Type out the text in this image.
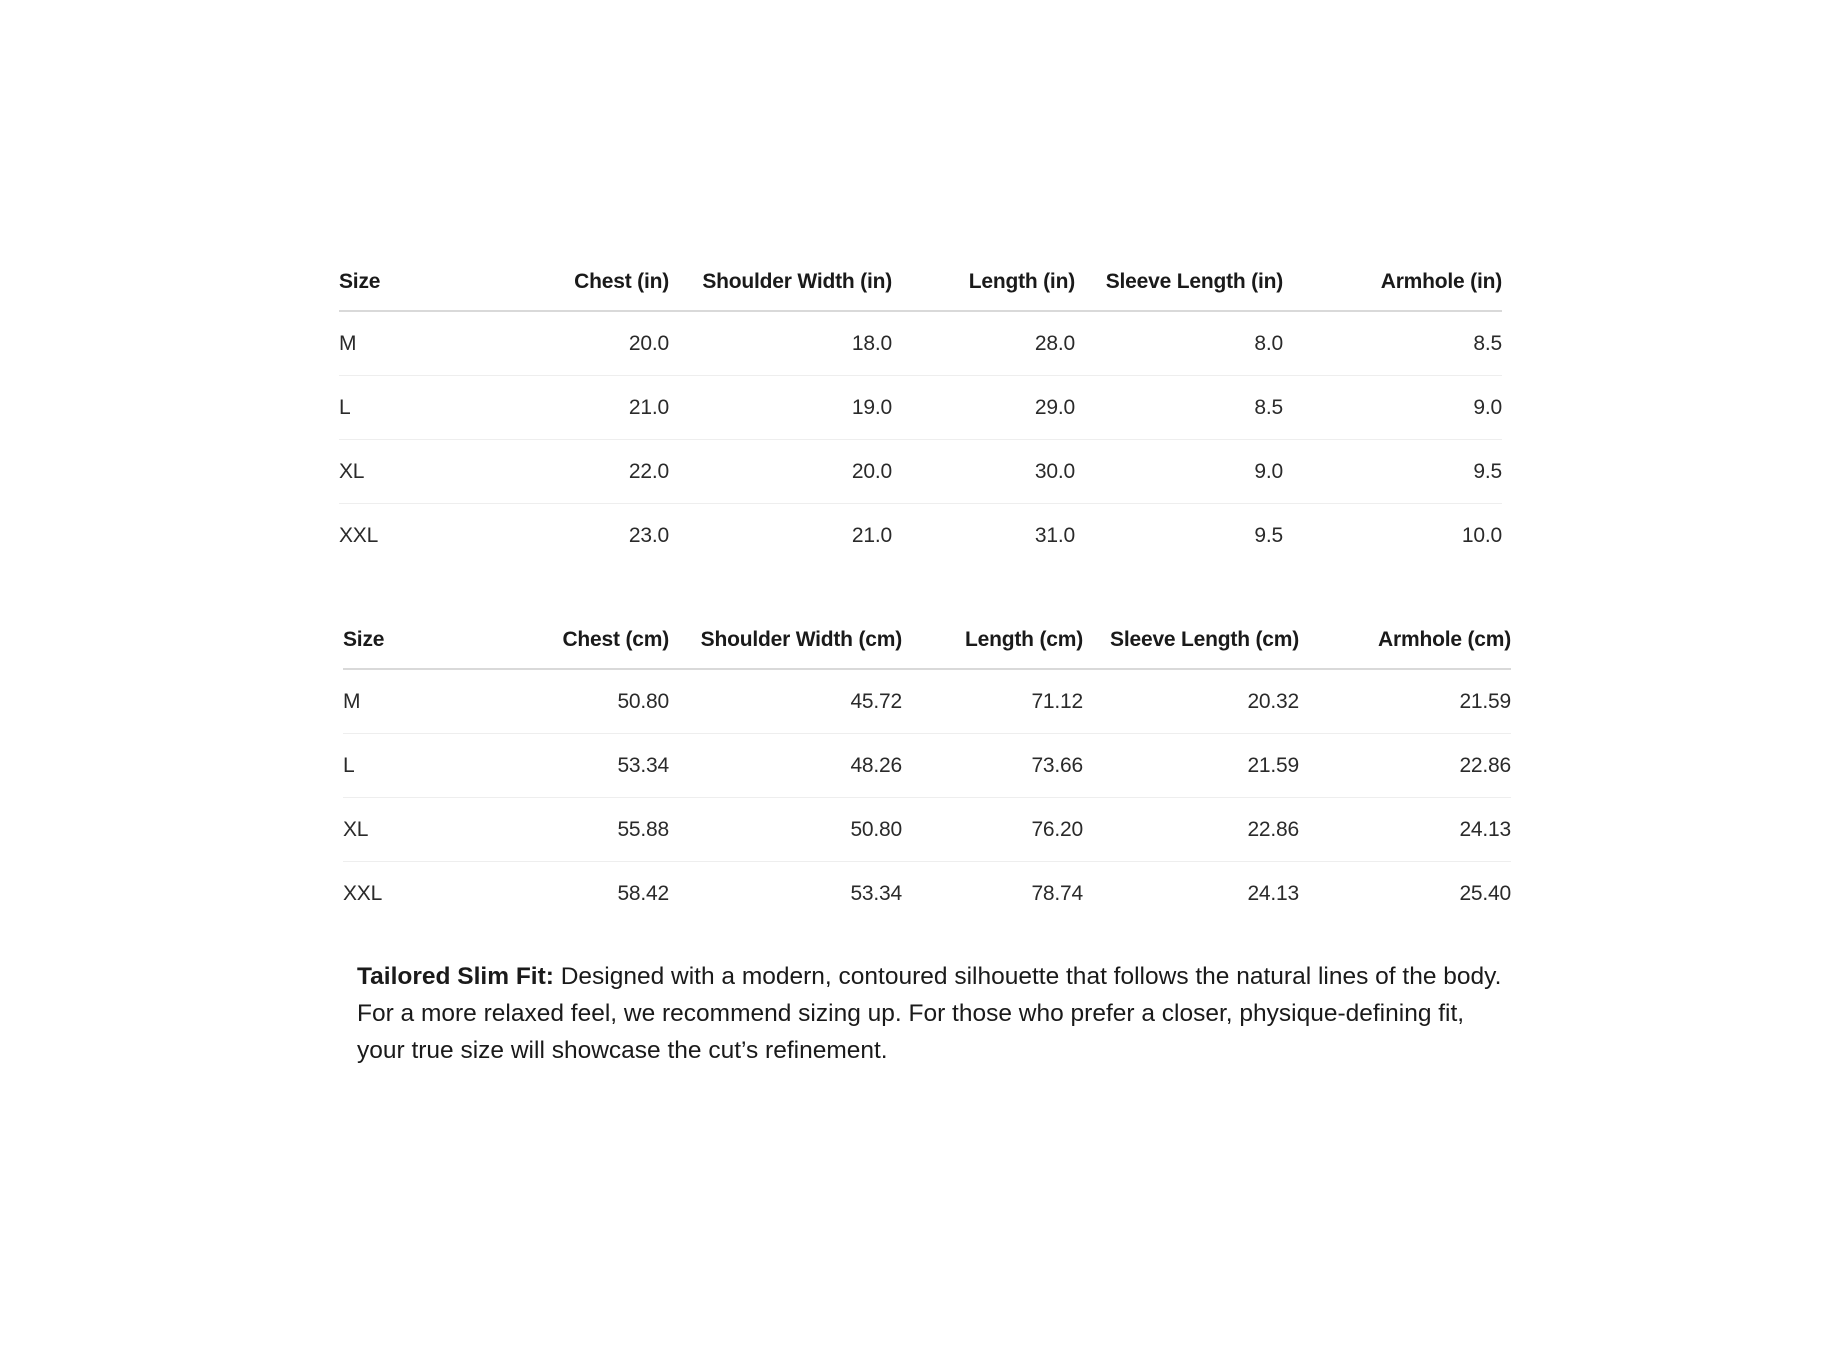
Size	Chest (in)	Shoulder Width (in)	Length (in)	Sleeve Length (in)	Armhole (in)
M	20.0	18.0	28.0	8.0	8.5
L	21.0	19.0	29.0	8.5	9.0
XL	22.0	20.0	30.0	9.0	9.5
XXL	23.0	21.0	31.0	9.5	10.0
Size	Chest (cm)	Shoulder Width (cm)	Length (cm)	Sleeve Length (cm)	Armhole (cm)
M	50.80	45.72	71.12	20.32	21.59
L	53.34	48.26	73.66	21.59	22.86
XL	55.88	50.80	76.20	22.86	24.13
XXL	58.42	53.34	78.74	24.13	25.40

Tailored Slim Fit: Designed with a modern, contoured silhouette that follows the natural lines of the body. For a more relaxed feel, we recommend sizing up. For those who prefer a closer, physique-defining fit, your true size will showcase the cut’s refinement.
